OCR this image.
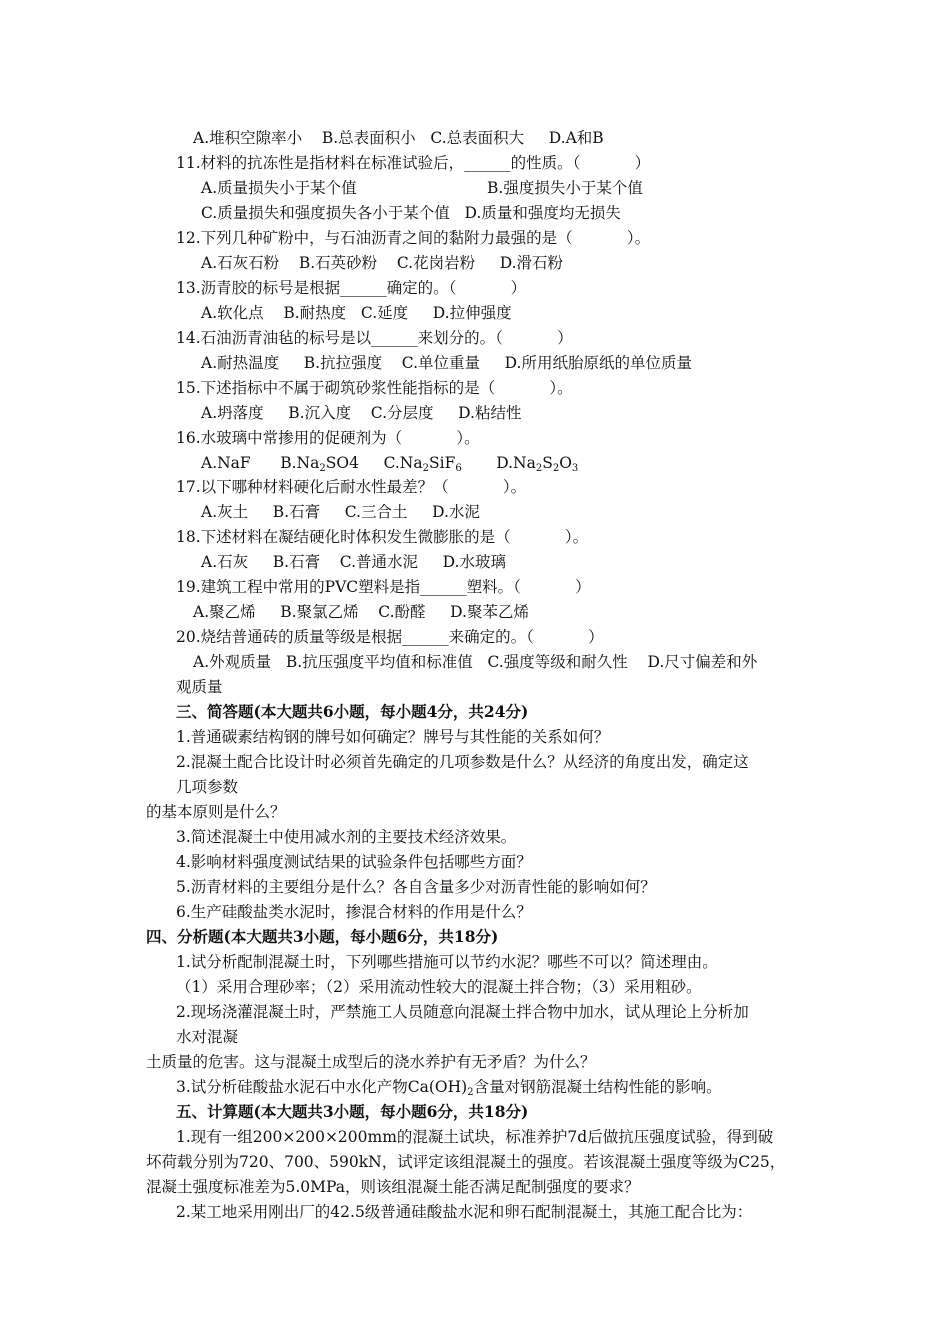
A.堆积空隙率小    B.总表面积小   C.总表面积大     D.A和B
11.材料的抗冻性是指材料在标准试验后，______的性质。（           ）
A.质量损失小于某个值	B.强度损失小于某个值
C.质量损失和强度损失各小于某个值   D.质量和强度均无损失
12.下列几种矿粉中，与石油沥青之间的黏附力最强的是（           ）。
A.石灰石粉    B.石英砂粉    C.花岗岩粉     D.滑石粉
13.沥青胶的标号是根据______确定的。（           ）
A.软化点    B.耐热度   C.延度     D.拉伸强度
14.石油沥青油毡的标号是以______来划分的。（           ）
A.耐热温度     B.抗拉强度    C.单位重量     D.所用纸胎原纸的单位质量
15.下述指标中不属于砌筑砂浆性能指标的是（           ）。
A.坍落度     B.沉入度    C.分层度     D.粘结性
16.水玻璃中常掺用的促硬剂为（           ）。
A.NaF      $B.Na_2SO4$     $C.Na_2SiF_6$       $D.Na_2S_2O_3$
17.以下哪种材料硬化后耐水性最差？（           ）。
A.灰土     B.石膏     C.三合土     D.水泥
18.下述材料在凝结硬化时体积发生微膨胀的是（           ）。
A.石灰     B.石膏    C.普通水泥     D.水玻璃
19.建筑工程中常用的PVC塑料是指______塑料。（           ）
A.聚乙烯     B.聚氯乙烯    C.酚醛     D.聚苯乙烯
20.烧结普通砖的质量等级是根据______来确定的。（           ）
A.外观质量   B.抗压强度平均值和标准值   C.强度等级和耐久性    D.尺寸偏差和外
观质量
三、简答题(本大题共6小题，每小题4分，共24分)
1.普通碳素结构钢的牌号如何确定？牌号与其性能的关系如何？
2.混凝土配合比设计时必须首先确定的几项参数是什么？从经济的角度出发，确定这
几项参数
的基本原则是什么？
3.简述混凝土中使用减水剂的主要技术经济效果。
4.影响材料强度测试结果的试验条件包括哪些方面？
5.沥青材料的主要组分是什么？各自含量多少对沥青性能的影响如何？
6.生产硅酸盐类水泥时，掺混合材料的作用是什么？
四、分析题(本大题共3小题，每小题6分，共18分)
1.试分析配制混凝土时，下列哪些措施可以节约水泥？哪些不可以？简述理由。
（1）采用合理砂率；（2）采用流动性较大的混凝土拌合物；（3）采用粗砂。
2.现场浇灌混凝土时，严禁施工人员随意向混凝土拌合物中加水，试从理论上分析加
水对混凝
土质量的危害。这与混凝土成型后的浇水养护有无矛盾？为什么？
3.试分析硅酸盐水泥石中水化产物$Ca(OH)_2$含量对钢筋混凝土结构性能的影响。
五、计算题(本大题共3小题，每小题6分，共18分)
1.现有一组200×200×200mm的混凝土试块，标准养护7d后做抗压强度试验，得到破
坏荷载分别为720、700、590kN，试评定该组混凝土的强度。若该混凝土强度等级为C25，
混凝土强度标准差为5.0MPa，则该组混凝土能否满足配制强度的要求？
2.某工地采用刚出厂的42.5级普通硅酸盐水泥和卵石配制混凝土，其施工配合比为：
